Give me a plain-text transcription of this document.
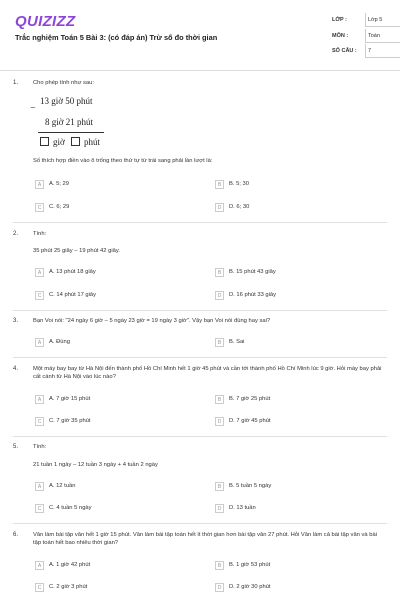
QUIZIZZ
Trắc nghiệm Toán 5 Bài 3: (có đáp án) Trừ số đo thời gian
LỚP :	Lớp 5
MÔN :	Toán
SỐ CÂU :	7
1.	Cho phép tính như sau:
−
13 giờ 50 phút
8 giờ 21 phút
giờ phút
Số thích hợp điền vào ô trống theo thứ tự từ trái sang phải lần lượt là:
A	A. 5; 29	B	B. 5; 30
C	C. 6; 29	D	D. 6; 30
2.	Tính:
35 phút 25 giây – 19 phút 42 giây.
A	A. 13 phút 18 giây	B	B. 15 phút 43 giây
C	C. 14 phút 17 giây	D	D. 16 phút 33 giây
3.	Bạn Voi nói: "24 ngày 6 giờ – 5 ngày 23 giờ = 19 ngày 3 giờ". Vậy bạn Voi nói đúng hay sai?
A	A. Đúng	B	B. Sai
4.	Một máy bay bay từ Hà Nội đến thành phố Hồ Chí Minh hết 1 giờ 45 phút và cần tới thành phố Hồ Chí Minh lúc 9 giờ. Hỏi máy bay phải cất cánh từ Hà Nội vào lúc nào?
A	A. 7 giờ 15 phút	B	B. 7 giờ 25 phút
C	C. 7 giờ 35 phút	D	D. 7 giờ 45 phút
5.	Tính:
21 tuần 1 ngày – 12 tuần 3 ngày + 4 tuần 2 ngày
A	A. 12 tuần	B	B. 5 tuần 5 ngày
C	C. 4 tuần 5 ngày	D	D. 13 tuần
6.	Vân làm bài tập văn hết 1 giờ 15 phút. Vân làm bài tập toán hết ít thời gian hơn bài tập văn 27 phút. Hỏi Vân làm cả bài tập văn và bài tập toán hết bao nhiêu thời gian?
A	A. 1 giờ 42 phút	B	B. 1 giờ 53 phút
C	C. 2 giờ 3 phút	D	D. 2 giờ 30 phút
